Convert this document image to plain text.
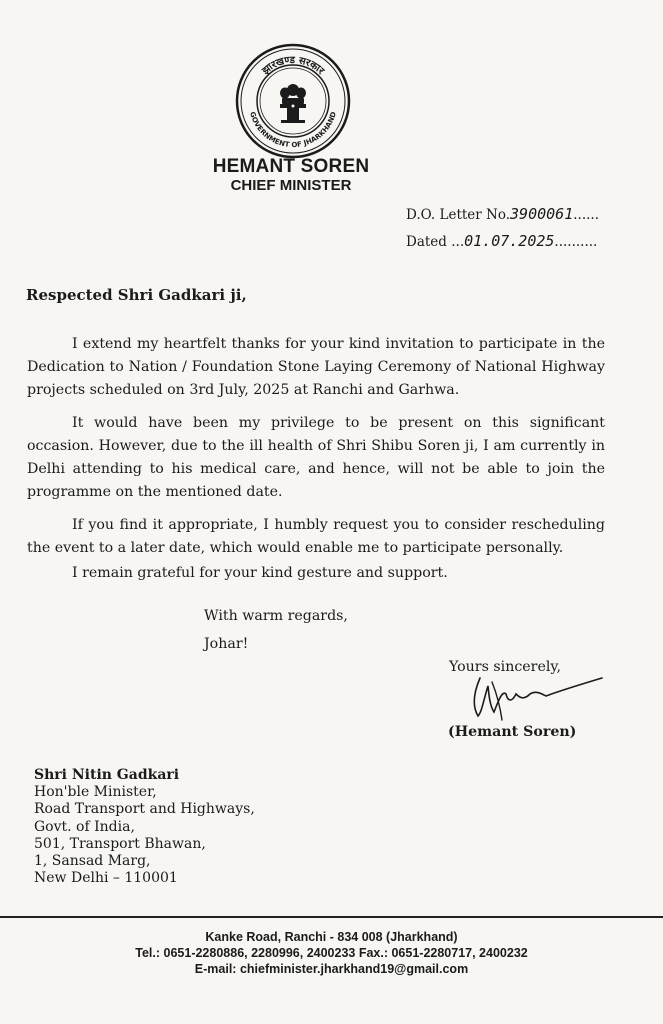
झारखण्ड सरकार
GOVERNMENT OF JHARKHAND
HEMANT SOREN
CHIEF MINISTER
D.O. Letter No.3900061......
Dated ...01.07.2025..........
Respected Shri Gadkari ji,

I extend my heartfelt thanks for your kind invitation to participate in the Dedication to Nation / Foundation Stone Laying Ceremony of National Highway projects scheduled on 3rd July, 2025 at Ranchi and Garhwa.

It would have been my privilege to be present on this significant occasion. However, due to the ill health of Shri Shibu Soren ji, I am currently in Delhi attending to his medical care, and hence, will not be able to join the programme on the mentioned date.

If you find it appropriate, I humbly request you to consider rescheduling the event to a later date, which would enable me to participate personally.

I remain grateful for your kind gesture and support.

With warm regards,
Johar!
Yours sincerely,
(Hemant Soren)
Shri Nitin Gadkari
Hon'ble Minister,
Road Transport and Highways,
Govt. of India,
501, Transport Bhawan,
1, Sansad Marg,
New Delhi – 110001
Kanke Road, Ranchi - 834 008 (Jharkhand)
Tel.: 0651-2280886, 2280996, 2400233 Fax.: 0651-2280717, 2400232
E-mail: chiefminister.jharkhand19@gmail.com
